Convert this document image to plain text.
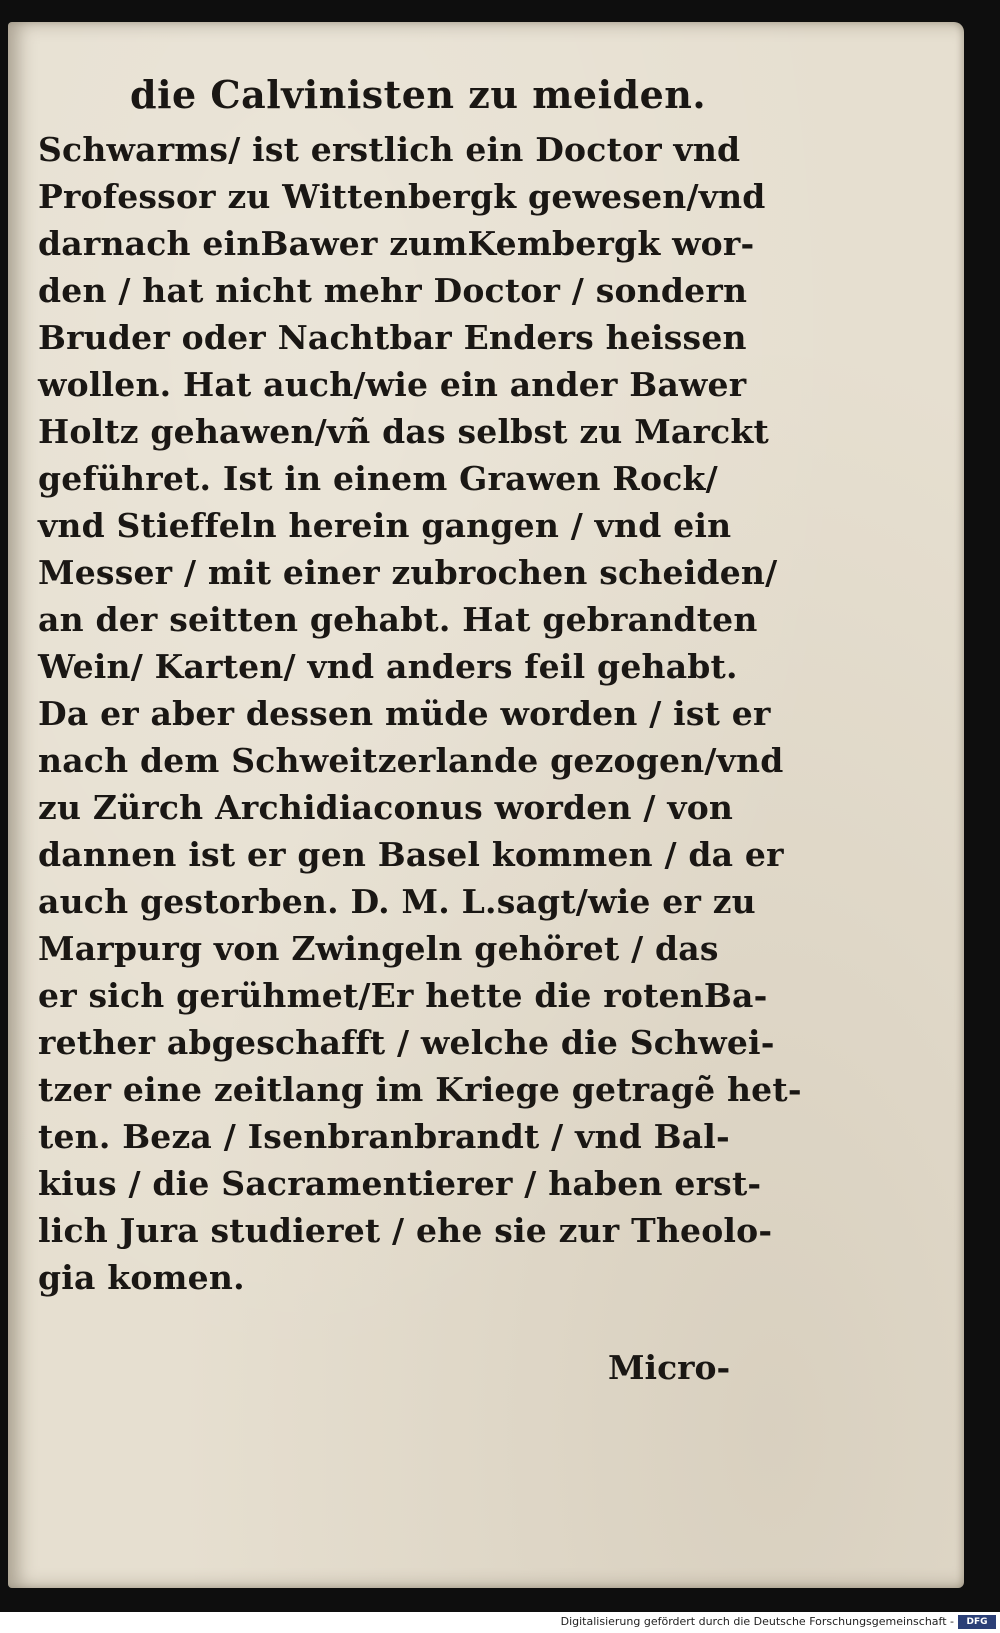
die Calvinisten zu meiden.
Schwarms/ ist erstlich ein Doctor vnd
Professor zu Wittenbergk gewesen/vnd
darnach einBawer zumKembergk wor-
den / hat nicht mehr Doctor / sondern
Bruder oder Nachtbar Enders heissen
wollen. Hat auch/wie ein ander Bawer
Holtz gehawen/vñ das selbst zu Marckt
geführet. Ist in einem Grawen Rock/
vnd Stieffeln herein gangen / vnd ein
Messer / mit einer zubrochen scheiden/
an der seitten gehabt. Hat gebrandten
Wein/ Karten/ vnd anders feil gehabt.
Da er aber dessen müde worden / ist er
nach dem Schweitzerlande gezogen/vnd
zu Zürch Archidiaconus worden / von
dannen ist er gen Basel kommen / da er
auch gestorben. D. M. L.sagt/wie er zu
Marpurg von Zwingeln gehöret / das
er sich gerühmet/Er hette die rotenBa-
rether abgeschafft / welche die Schwei-
tzer eine zeitlang im Kriege getragẽ het-
ten. Beza / Isenbranbrandt / vnd Bal-
kius / die Sacramentierer / haben erst-
lich Jura studieret / ehe sie zur Theolo-
gia komen.
Micro-
Digitalisierung gefördert durch die Deutsche Forschungsgemeinschaft -	DFG
